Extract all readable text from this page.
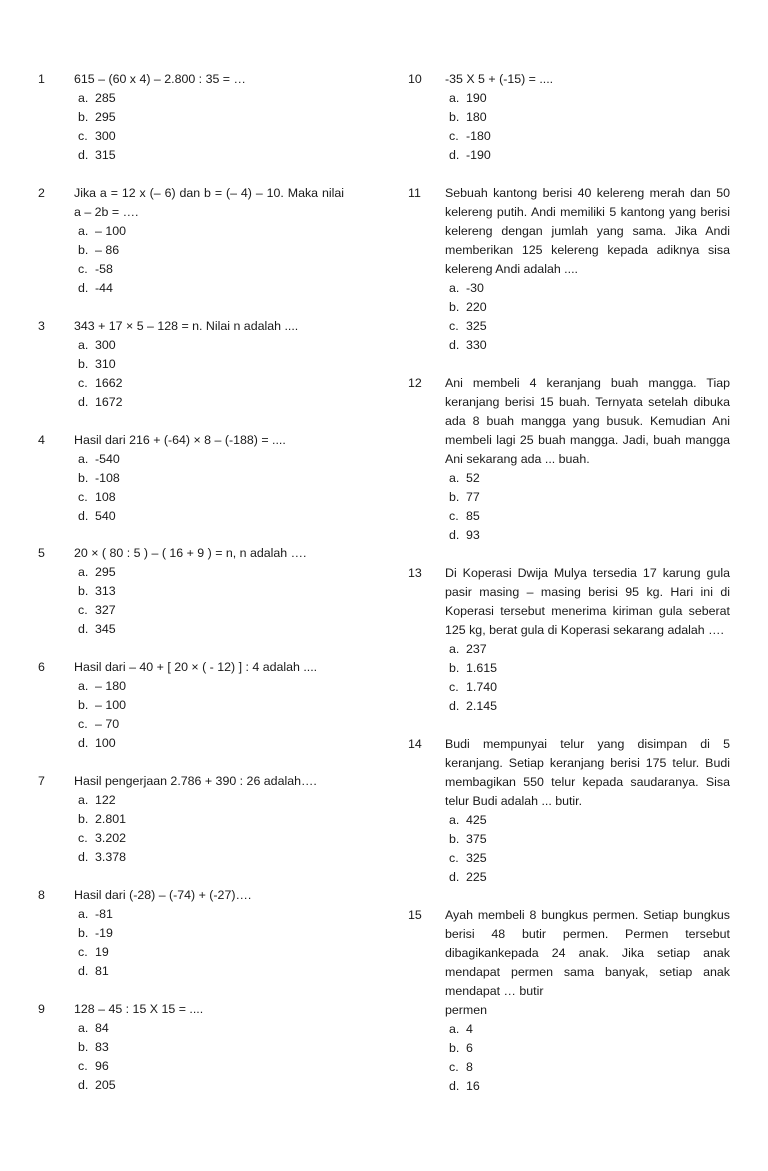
1 615 – (60 x 4) – 2.800 : 35 = …
a. 285
b. 295
c. 300
d. 315
2 Jika a = 12 x (– 6) dan b = (– 4) – 10. Maka nilai a – 2b = ….
a. – 100
b. – 86
c. -58
d. -44
3 343 + 17 × 5 – 128 = n. Nilai n adalah ....
a. 300
b. 310
c. 1662
d. 1672
4 Hasil dari 216 + (-64) × 8 – (-188) = ....
a. -540
b. -108
c. 108
d. 540
5 20 × ( 80 : 5 ) – ( 16 + 9 ) = n, n adalah ….
a. 295
b. 313
c. 327
d. 345
6 Hasil dari – 40 + [ 20 × ( - 12) ] : 4 adalah ....
a. – 180
b. – 100
c. – 70
d. 100
7 Hasil pengerjaan 2.786 + 390 : 26 adalah….
a. 122
b. 2.801
c. 3.202
d. 3.378
8 Hasil dari (-28) – (-74) + (-27)….
a. -81
b. -19
c. 19
d. 81
9 128 – 45 : 15 X 15 = ....
a. 84
b. 83
c. 96
d. 205
10 -35 X 5 + (-15) = ....
a. 190
b. 180
c. -180
d. -190
11 Sebuah kantong berisi 40 kelereng merah dan 50 kelereng putih. Andi memiliki 5 kantong yang berisi kelereng dengan jumlah yang sama. Jika Andi memberikan 125 kelereng kepada adiknya sisa kelereng Andi adalah ....
a. -30
b. 220
c. 325
d. 330
12 Ani membeli 4 keranjang buah mangga. Tiap keranjang berisi 15 buah. Ternyata setelah dibuka ada 8 buah mangga yang busuk. Kemudian Ani membeli lagi 25 buah mangga. Jadi, buah mangga Ani sekarang ada ... buah.
a. 52
b. 77
c. 85
d. 93
13 Di Koperasi Dwija Mulya tersedia 17 karung gula pasir masing – masing berisi 95 kg. Hari ini di Koperasi tersebut menerima kiriman gula seberat 125 kg, berat gula di Koperasi sekarang adalah ….
a. 237
b. 1.615
c. 1.740
d. 2.145
14 Budi mempunyai telur yang disimpan di 5 keranjang. Setiap keranjang berisi 175 telur. Budi membagikan 550 telur kepada saudaranya. Sisa telur Budi adalah ... butir.
a. 425
b. 375
c. 325
d. 225
15 Ayah membeli 8 bungkus permen. Setiap bungkus berisi 48 butir permen. Permen tersebut dibagikankepada 24 anak. Jika setiap anak mendapat permen sama banyak, setiap anak mendapat … butir
permen
a. 4
b. 6
c. 8
d. 16
